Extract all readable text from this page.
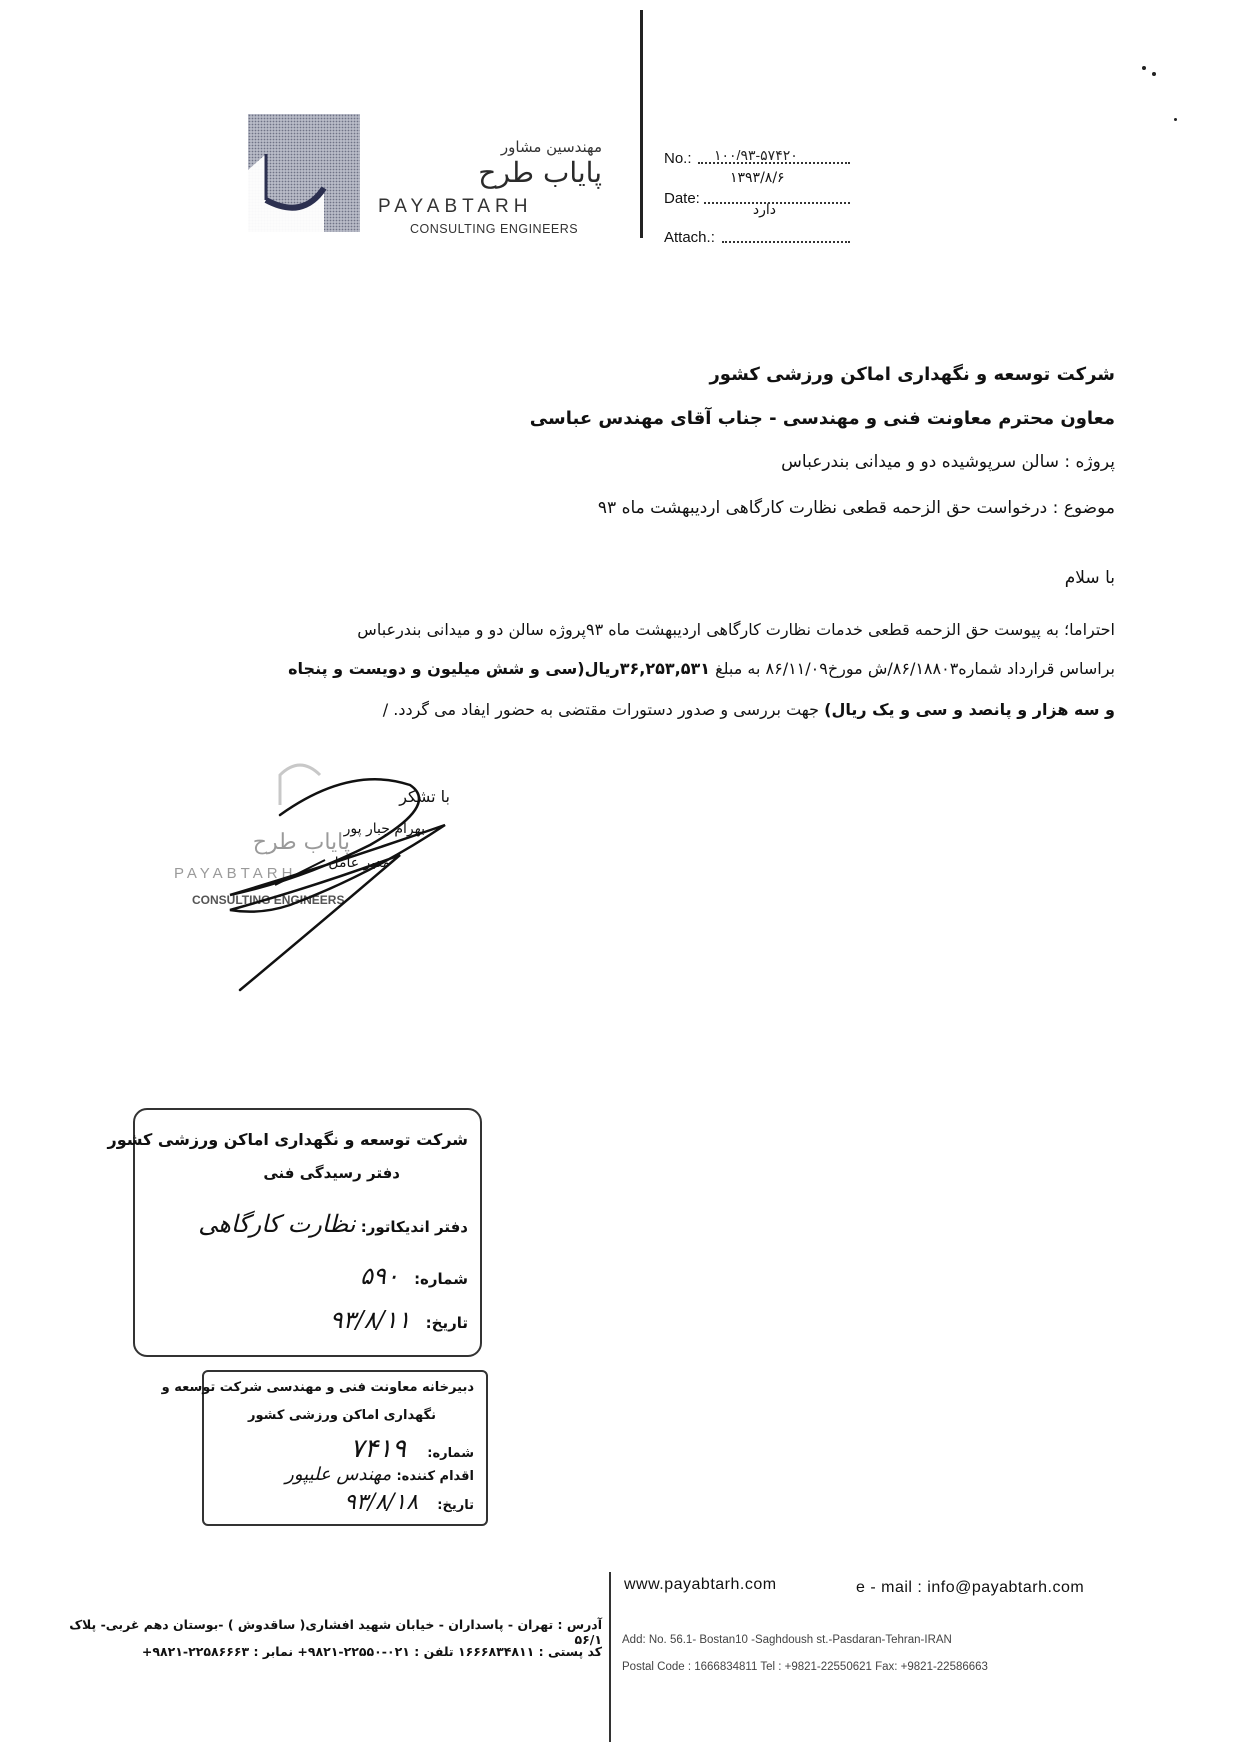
مهندسین مشاور
پایاب طرح
PAYABTARH
CONSULTING ENGINEERS
No.: ۱۰۰/۹۳-۵۷۴۲۰
۱۳۹۳/۸/۶
Date:
دارد
Attach.:
شرکت توسعه و نگهداری اماکن ورزشی کشور
معاون محترم معاونت فنی و مهندسی - جناب آقای مهندس عباسی
پروژه : سالن سرپوشیده دو و میدانی بندرعباس
موضوع : درخواست حق الزحمه قطعی نظارت کارگاهی اردیبهشت ماه ۹۳
با سلام
احتراما؛ به پیوست حق الزحمه قطعی خدمات نظارت کارگاهی اردیبهشت ماه ۹۳پروژه سالن دو و میدانی بندرعباس
براساس قرارداد شماره۸۶/۱۸۸۰۳/ش مورخ۸۶/۱۱/۰۹ به مبلغ ۳۶,۲۵۳,۵۳۱ریال(سی و شش میلیون و دویست و پنجاه
و سه هزار و پانصد و سی و یک ریال) جهت بررسی و صدور دستورات مقتضی به حضور ایفاد می گردد. /
با تشکر
بهرام جبار پور
مدیر عامل
پایاب طرح
PAYABTARH
CONSULTING ENGINEERS
شرکت توسعه و نگهداری اماکن ورزشی کشور
دفتر رسیدگی فنی
دفتر اندیکاتور: نظارت کارگاهی
شماره: ۵۹۰
تاریخ: ۹۳/۸/۱۱
دبیرخانه معاونت فنی و مهندسی شرکت توسعه و
نگهداری اماکن ورزشی کشور
شماره: ۷۴۱۹
اقدام کننده: مهندس علیپور
تاریخ: ۹۳/۸/۱۸
www.payabtarh.com	e - mail : info@payabtarh.com
آدرس : تهران - پاسداران - خیابان شهید افشاری( ساقدوش ) -بوستان دهم غربی- پلاک ۵۶/۱
کد پستی : ۱۶۶۶۸۳۴۸۱۱ تلفن : ۰۲۱-۲۲۵۵۰-۹۸۲۱+ نمابر : ۲۲۵۸۶۶۶۳-۹۸۲۱+
Add: No. 56.1- Bostan10 -Saghdoush st.-Pasdaran-Tehran-IRAN
Postal Code : 1666834811 Tel : +9821-22550621 Fax: +9821-22586663
